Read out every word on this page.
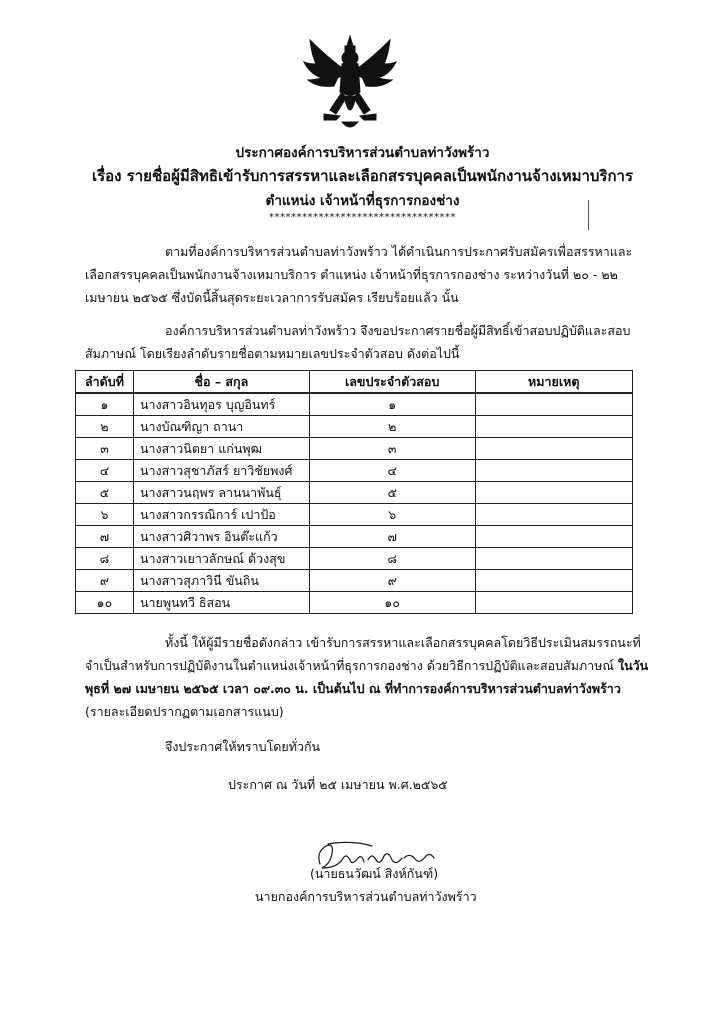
ประกาศองค์การบริหารส่วนตำบลท่าวังพร้าว
เรื่อง รายชื่อผู้มีสิทธิเข้ารับการสรรหาและเลือกสรรบุคคลเป็นพนักงานจ้างเหมาบริการ
ตำแหน่ง เจ้าหน้าที่ธุรการกองช่าง
**********************************
ตามที่องค์การบริหารส่วนตำบลท่าวังพร้าว ได้ดำเนินการประกาศรับสมัครเพื่อสรรหาและ
เลือกสรรบุคคลเป็นพนักงานจ้างเหมาบริการ ตำแหน่ง เจ้าหน้าที่ธุรการกองช่าง ระหว่างวันที่ ๒๐ - ๒๒
เมษายน ๒๕๖๕ ซึ่งบัดนี้สิ้นสุดระยะเวลาการรับสมัคร เรียบร้อยแล้ว นั้น
องค์การบริหารส่วนตำบลท่าวังพร้าว จึงขอประกาศรายชื่อผู้มีสิทธิ์เข้าสอบปฏิบัติและสอบ
สัมภาษณ์ โดยเรียงลำดับรายชื่อตามหมายเลขประจำตัวสอบ ดังต่อไปนี้
ลำดับที่	ชื่อ – สกุล	เลขประจำตัวสอบ	หมายเหตุ
๑	นางสาวอินทุอร บุญอินทร์	๑	
๒	นางบัณฑิญา ถานา	๒	
๓	นางสาวนิตยา แก่นพุฒ	๓	
๔	นางสาวสุชาภัสร์ ยาวิชัยพงศ์	๔	
๕	นางสาวนฤพร ลานนาพันธุ์	๕	
๖	นางสาวกรรณิการ์ เปาป้อ	๖	
๗	นางสาวศิวาพร อินต๊ะแก้ว	๗	
๘	นางสาวเยาวลักษณ์ ด้วงสุข	๘	
๙	นางสาวสุภาวินี ขันถิน	๙	
๑๐	นายพูนทวี ธิสอน	๑๐	
ทั้งนี้ ให้ผู้มีรายชื่อดังกล่าว เข้ารับการสรรหาและเลือกสรรบุคคลโดยวิธีประเมินสมรรถนะที่
จำเป็นสำหรับการปฏิบัติงานในตำแหน่งเจ้าหน้าที่ธุรการกองช่าง ด้วยวิธีการปฏิบัติและสอบสัมภาษณ์ ในวัน
พุธที่ ๒๗ เมษายน ๒๕๖๕ เวลา ๐๙.๓๐ น. เป็นต้นไป ณ ที่ทำการองค์การบริหารส่วนตำบลท่าวังพร้าว
(รายละเอียดปรากฏตามเอกสารแนบ)
จึงประกาศให้ทราบโดยทั่วกัน
ประกาศ ณ วันที่ ๒๕ เมษายน พ.ศ.๒๕๖๕
(นายธนวัฒน์ สิงห์กันฑ์)
นายกองค์การบริหารส่วนตำบลท่าวังพร้าว
